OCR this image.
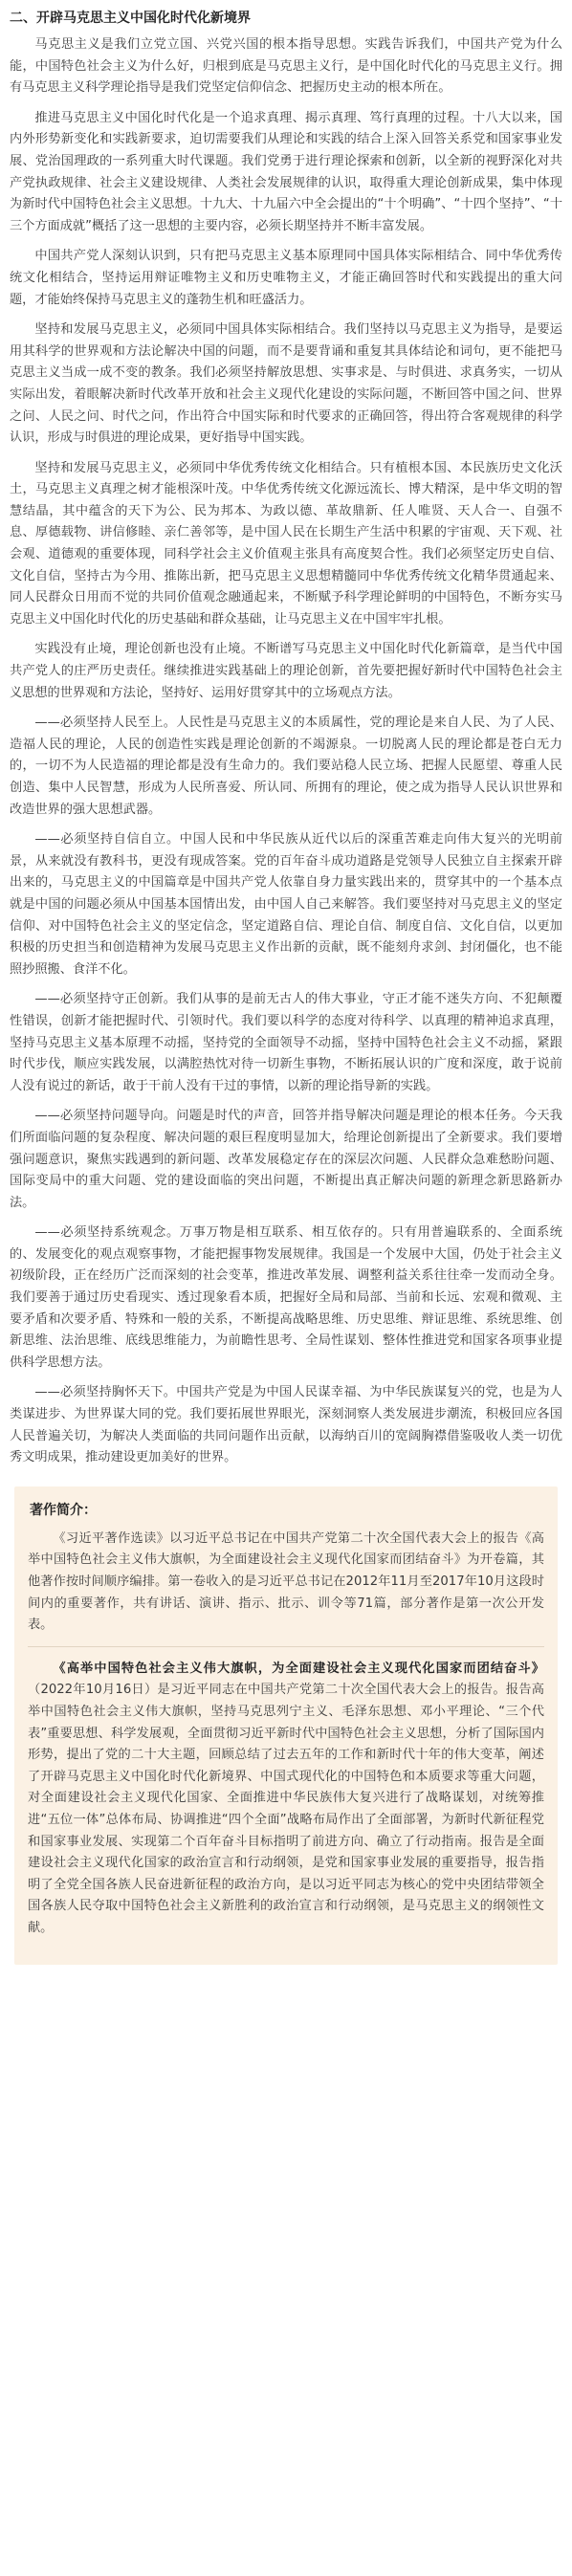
二、开辟马克思主义中国化时代化新境界

马克思主义是我们立党立国、兴党兴国的根本指导思想。实践告诉我们，中国共产党为什么能，中国特色社会主义为什么好，归根到底是马克思主义行，是中国化时代化的马克思主义行。拥有马克思主义科学理论指导是我们党坚定信仰信念、把握历史主动的根本所在。

推进马克思主义中国化时代化是一个追求真理、揭示真理、笃行真理的过程。十八大以来，国内外形势新变化和实践新要求，迫切需要我们从理论和实践的结合上深入回答关系党和国家事业发展、党治国理政的一系列重大时代课题。我们党勇于进行理论探索和创新，以全新的视野深化对共产党执政规律、社会主义建设规律、人类社会发展规律的认识，取得重大理论创新成果，集中体现为新时代中国特色社会主义思想。十九大、十九届六中全会提出的“十个明确”、“十四个坚持”、“十三个方面成就”概括了这一思想的主要内容，必须长期坚持并不断丰富发展。

中国共产党人深刻认识到，只有把马克思主义基本原理同中国具体实际相结合、同中华优秀传统文化相结合，坚持运用辩证唯物主义和历史唯物主义，才能正确回答时代和实践提出的重大问题，才能始终保持马克思主义的蓬勃生机和旺盛活力。

坚持和发展马克思主义，必须同中国具体实际相结合。我们坚持以马克思主义为指导，是要运用其科学的世界观和方法论解决中国的问题，而不是要背诵和重复其具体结论和词句，更不能把马克思主义当成一成不变的教条。我们必须坚持解放思想、实事求是、与时俱进、求真务实，一切从实际出发，着眼解决新时代改革开放和社会主义现代化建设的实际问题，不断回答中国之问、世界之问、人民之问、时代之问，作出符合中国实际和时代要求的正确回答，得出符合客观规律的科学认识，形成与时俱进的理论成果，更好指导中国实践。

坚持和发展马克思主义，必须同中华优秀传统文化相结合。只有植根本国、本民族历史文化沃土，马克思主义真理之树才能根深叶茂。中华优秀传统文化源远流长、博大精深，是中华文明的智慧结晶，其中蕴含的天下为公、民为邦本、为政以德、革故鼎新、任人唯贤、天人合一、自强不息、厚德载物、讲信修睦、亲仁善邻等，是中国人民在长期生产生活中积累的宇宙观、天下观、社会观、道德观的重要体现，同科学社会主义价值观主张具有高度契合性。我们必须坚定历史自信、文化自信，坚持古为今用、推陈出新，把马克思主义思想精髓同中华优秀传统文化精华贯通起来、同人民群众日用而不觉的共同价值观念融通起来，不断赋予科学理论鲜明的中国特色，不断夯实马克思主义中国化时代化的历史基础和群众基础，让马克思主义在中国牢牢扎根。

实践没有止境，理论创新也没有止境。不断谱写马克思主义中国化时代化新篇章，是当代中国共产党人的庄严历史责任。继续推进实践基础上的理论创新，首先要把握好新时代中国特色社会主义思想的世界观和方法论，坚持好、运用好贯穿其中的立场观点方法。

——必须坚持人民至上。人民性是马克思主义的本质属性，党的理论是来自人民、为了人民、造福人民的理论，人民的创造性实践是理论创新的不竭源泉。一切脱离人民的理论都是苍白无力的，一切不为人民造福的理论都是没有生命力的。我们要站稳人民立场、把握人民愿望、尊重人民创造、集中人民智慧，形成为人民所喜爱、所认同、所拥有的理论，使之成为指导人民认识世界和改造世界的强大思想武器。

——必须坚持自信自立。中国人民和中华民族从近代以后的深重苦难走向伟大复兴的光明前景，从来就没有教科书，更没有现成答案。党的百年奋斗成功道路是党领导人民独立自主探索开辟出来的，马克思主义的中国篇章是中国共产党人依靠自身力量实践出来的，贯穿其中的一个基本点就是中国的问题必须从中国基本国情出发，由中国人自己来解答。我们要坚持对马克思主义的坚定信仰、对中国特色社会主义的坚定信念，坚定道路自信、理论自信、制度自信、文化自信，以更加积极的历史担当和创造精神为发展马克思主义作出新的贡献，既不能刻舟求剑、封闭僵化，也不能照抄照搬、食洋不化。

——必须坚持守正创新。我们从事的是前无古人的伟大事业，守正才能不迷失方向、不犯颠覆性错误，创新才能把握时代、引领时代。我们要以科学的态度对待科学、以真理的精神追求真理，坚持马克思主义基本原理不动摇，坚持党的全面领导不动摇，坚持中国特色社会主义不动摇，紧跟时代步伐，顺应实践发展，以满腔热忱对待一切新生事物，不断拓展认识的广度和深度，敢于说前人没有说过的新话，敢于干前人没有干过的事情，以新的理论指导新的实践。

——必须坚持问题导向。问题是时代的声音，回答并指导解决问题是理论的根本任务。今天我们所面临问题的复杂程度、解决问题的艰巨程度明显加大，给理论创新提出了全新要求。我们要增强问题意识，聚焦实践遇到的新问题、改革发展稳定存在的深层次问题、人民群众急难愁盼问题、国际变局中的重大问题、党的建设面临的突出问题，不断提出真正解决问题的新理念新思路新办法。

——必须坚持系统观念。万事万物是相互联系、相互依存的。只有用普遍联系的、全面系统的、发展变化的观点观察事物，才能把握事物发展规律。我国是一个发展中大国，仍处于社会主义初级阶段，正在经历广泛而深刻的社会变革，推进改革发展、调整利益关系往往牵一发而动全身。我们要善于通过历史看现实、透过现象看本质，把握好全局和局部、当前和长远、宏观和微观、主要矛盾和次要矛盾、特殊和一般的关系，不断提高战略思维、历史思维、辩证思维、系统思维、创新思维、法治思维、底线思维能力，为前瞻性思考、全局性谋划、整体性推进党和国家各项事业提供科学思想方法。

——必须坚持胸怀天下。中国共产党是为中国人民谋幸福、为中华民族谋复兴的党，也是为人类谋进步、为世界谋大同的党。我们要拓展世界眼光，深刻洞察人类发展进步潮流，积极回应各国人民普遍关切，为解决人类面临的共同问题作出贡献，以海纳百川的宽阔胸襟借鉴吸收人类一切优秀文明成果，推动建设更加美好的世界。

著作简介：

《习近平著作选读》以习近平总书记在中国共产党第二十次全国代表大会上的报告《高举中国特色社会主义伟大旗帜，为全面建设社会主义现代化国家而团结奋斗》为开卷篇，其他著作按时间顺序编排。第一卷收入的是习近平总书记在2012年11月至2017年10月这段时间内的重要著作，共有讲话、演讲、指示、批示、训令等71篇，部分著作是第一次公开发表。

《高举中国特色社会主义伟大旗帜，为全面建设社会主义现代化国家而团结奋斗》（2022年10月16日）是习近平同志在中国共产党第二十次全国代表大会上的报告。报告高举中国特色社会主义伟大旗帜，坚持马克思列宁主义、毛泽东思想、邓小平理论、“三个代表”重要思想、科学发展观，全面贯彻习近平新时代中国特色社会主义思想，分析了国际国内形势，提出了党的二十大主题，回顾总结了过去五年的工作和新时代十年的伟大变革，阐述了开辟马克思主义中国化时代化新境界、中国式现代化的中国特色和本质要求等重大问题，对全面建设社会主义现代化国家、全面推进中华民族伟大复兴进行了战略谋划，对统筹推进“五位一体”总体布局、协调推进“四个全面”战略布局作出了全面部署，为新时代新征程党和国家事业发展、实现第二个百年奋斗目标指明了前进方向、确立了行动指南。报告是全面建设社会主义现代化国家的政治宣言和行动纲领，是党和国家事业发展的重要指导，报告指明了全党全国各族人民奋进新征程的政治方向，是以习近平同志为核心的党中央团结带领全国各族人民夺取中国特色社会主义新胜利的政治宣言和行动纲领，是马克思主义的纲领性文献。
